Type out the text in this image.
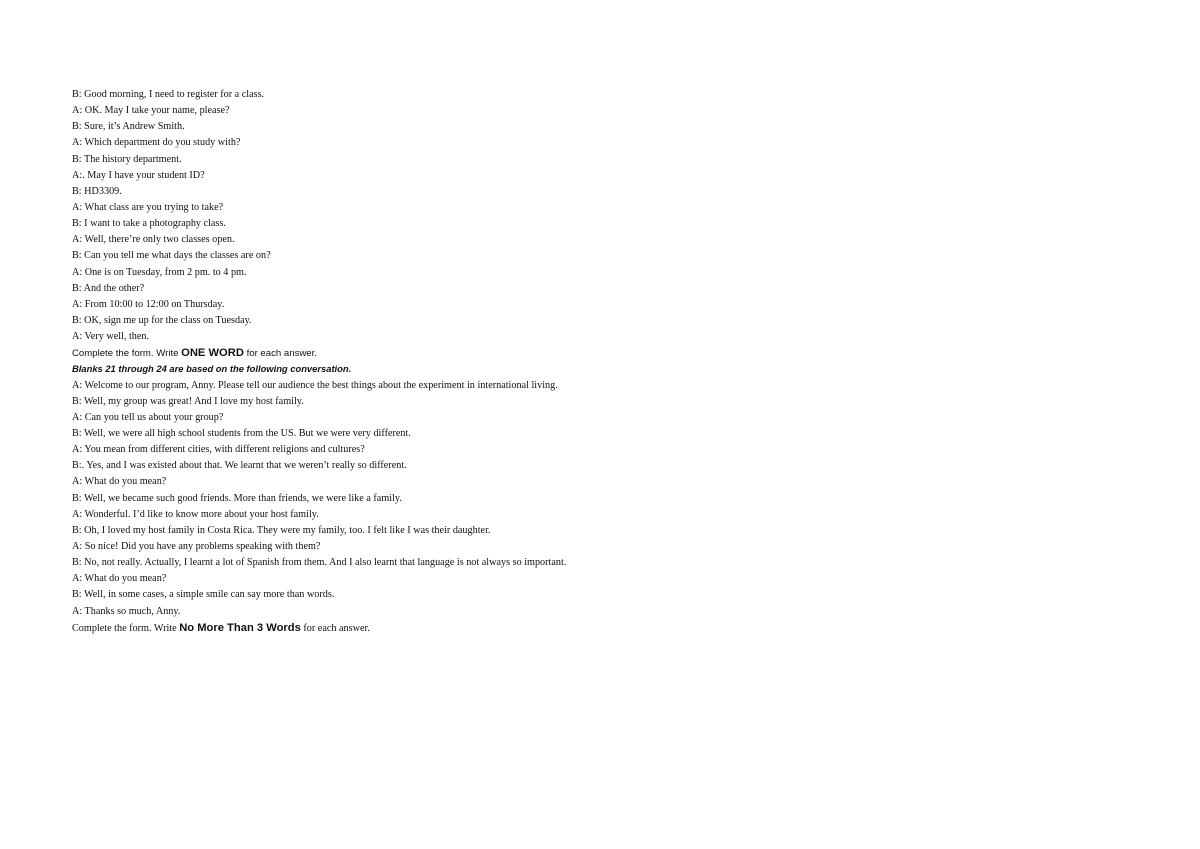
B: Good morning, I need to register for a class.
A: OK. May I take your name, please?
B: Sure, it’s Andrew Smith.
A: Which department do you study with?
B: The history department.
A:. May I have your student ID?
B: HD3309.
A: What class are you trying to take?
B: I want to take a photography class.
A: Well, there’re only two classes open.
B: Can you tell me what days the classes are on?
A: One is on Tuesday, from 2 pm. to 4 pm.
B: And the other?
A: From 10:00 to 12:00 on Thursday.
B: OK, sign me up for the class on Tuesday.
A: Very well, then.
Complete the form. Write ONE WORD for each answer.
Blanks 21 through 24 are based on the following conversation.
A: Welcome to our program, Anny. Please tell our audience the best things about the experiment in international living.
B: Well, my group was great! And I love my host family.
A: Can you tell us about your group?
B: Well, we were all high school students from the US. But we were very different.
A: You mean from different cities, with different religions and cultures?
B:. Yes, and I was existed about that. We learnt that we weren’t really so different.
A: What do you mean?
B: Well, we became such good friends. More than friends, we were like a family.
A: Wonderful. I’d like to know more about your host family.
B: Oh, I loved my host family in Costa Rica. They were my family, too. I felt like I was their daughter.
A: So nice! Did you have any problems speaking with them?
B: No, not really. Actually, I learnt a lot of Spanish from them. And I also learnt that language is not always so important.
A: What do you mean?
B: Well, in some cases, a simple smile can say more than words.
A: Thanks so much, Anny.
Complete the form. Write No More Than 3 Words for each answer.
